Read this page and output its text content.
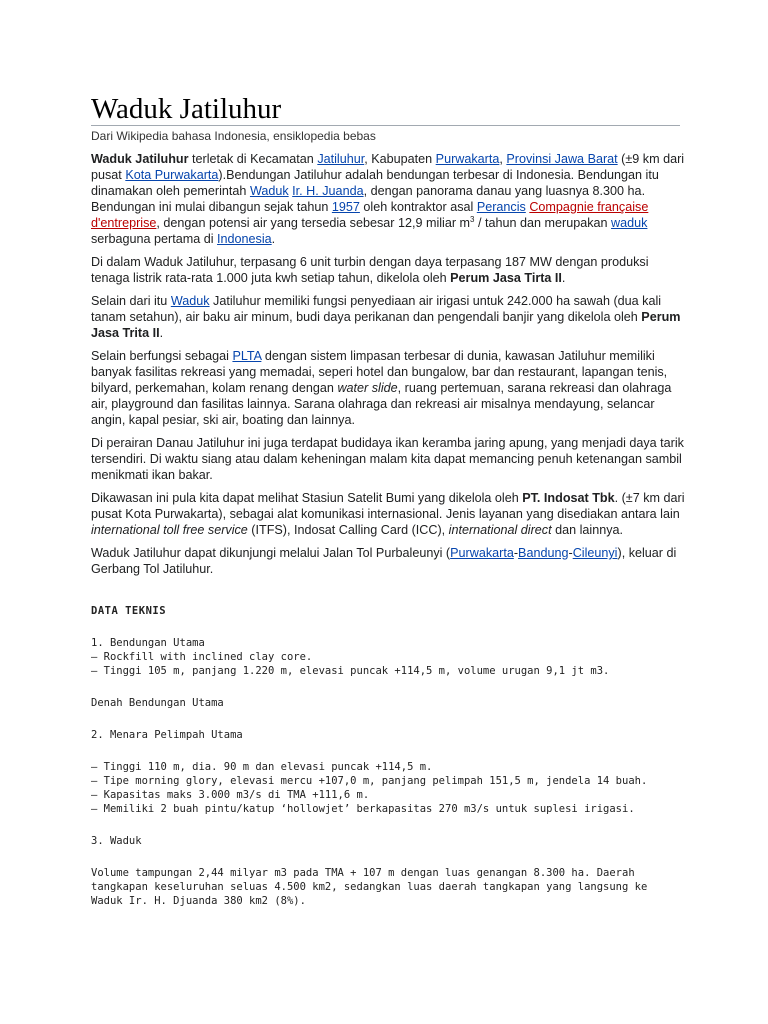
Waduk Jatiluhur
Dari Wikipedia bahasa Indonesia, ensiklopedia bebas

Waduk Jatiluhur terletak di Kecamatan Jatiluhur, Kabupaten Purwakarta, Provinsi Jawa Barat (±9 km dari pusat Kota Purwakarta).Bendungan Jatiluhur adalah bendungan terbesar di Indonesia. Bendungan itu dinamakan oleh pemerintah Waduk Ir. H. Juanda, dengan panorama danau yang luasnya 8.300 ha. Bendungan ini mulai dibangun sejak tahun 1957 oleh kontraktor asal Perancis Compagnie française d'entreprise, dengan potensi air yang tersedia sebesar 12,9 miliar $m^3$ / tahun dan merupakan waduk serbaguna pertama di Indonesia.

Di dalam Waduk Jatiluhur, terpasang 6 unit turbin dengan daya terpasang 187 MW dengan produksi tenaga listrik rata-rata 1.000 juta kwh setiap tahun, dikelola oleh Perum Jasa Tirta II.

Selain dari itu Waduk Jatiluhur memiliki fungsi penyediaan air irigasi untuk 242.000 ha sawah (dua kali tanam setahun), air baku air minum, budi daya perikanan dan pengendali banjir yang dikelola oleh Perum Jasa Trita II.

Selain berfungsi sebagai PLTA dengan sistem limpasan terbesar di dunia, kawasan Jatiluhur memiliki banyak fasilitas rekreasi yang memadai, seperi hotel dan bungalow, bar dan restaurant, lapangan tenis, bilyard, perkemahan, kolam renang dengan water slide, ruang pertemuan, sarana rekreasi dan olahraga air, playground dan fasilitas lainnya. Sarana olahraga dan rekreasi air misalnya mendayung, selancar angin, kapal pesiar, ski air, boating dan lainnya.

Di perairan Danau Jatiluhur ini juga terdapat budidaya ikan keramba jaring apung, yang menjadi daya tarik tersendiri. Di waktu siang atau dalam keheningan malam kita dapat memancing penuh ketenangan sambil menikmati ikan bakar.

Dikawasan ini pula kita dapat melihat Stasiun Satelit Bumi yang dikelola oleh PT. Indosat Tbk. (±7 km dari pusat Kota Purwakarta), sebagai alat komunikasi internasional. Jenis layanan yang disediakan antara lain international toll free service (ITFS), Indosat Calling Card (ICC), international direct dan lainnya.

Waduk Jatiluhur dapat dikunjungi melalui Jalan Tol Purbaleunyi (Purwakarta-Bandung-Cileunyi), keluar di Gerbang Tol Jatiluhur.

DATA TEKNIS
1. Bendungan Utama
– Rockfill with inclined clay core.
– Tinggi 105 m, panjang 1.220 m, elevasi puncak +114,5 m, volume urugan 9,1 jt m3.
Denah Bendungan Utama
2. Menara Pelimpah Utama
– Tinggi 110 m, dia. 90 m dan elevasi puncak +114,5 m.
– Tipe morning glory, elevasi mercu +107,0 m, panjang pelimpah 151,5 m, jendela 14 buah.
– Kapasitas maks 3.000 m3/s di TMA +111,6 m.
– Memiliki 2 buah pintu/katup ‘hollowjet’ berkapasitas 270 m3/s untuk suplesi irigasi.
3. Waduk
Volume tampungan 2,44 milyar m3 pada TMA + 107 m dengan luas genangan 8.300 ha. Daerah
tangkapan keseluruhan seluas 4.500 km2, sedangkan luas daerah tangkapan yang langsung ke
Waduk Ir. H. Djuanda 380 km2 (8%).
